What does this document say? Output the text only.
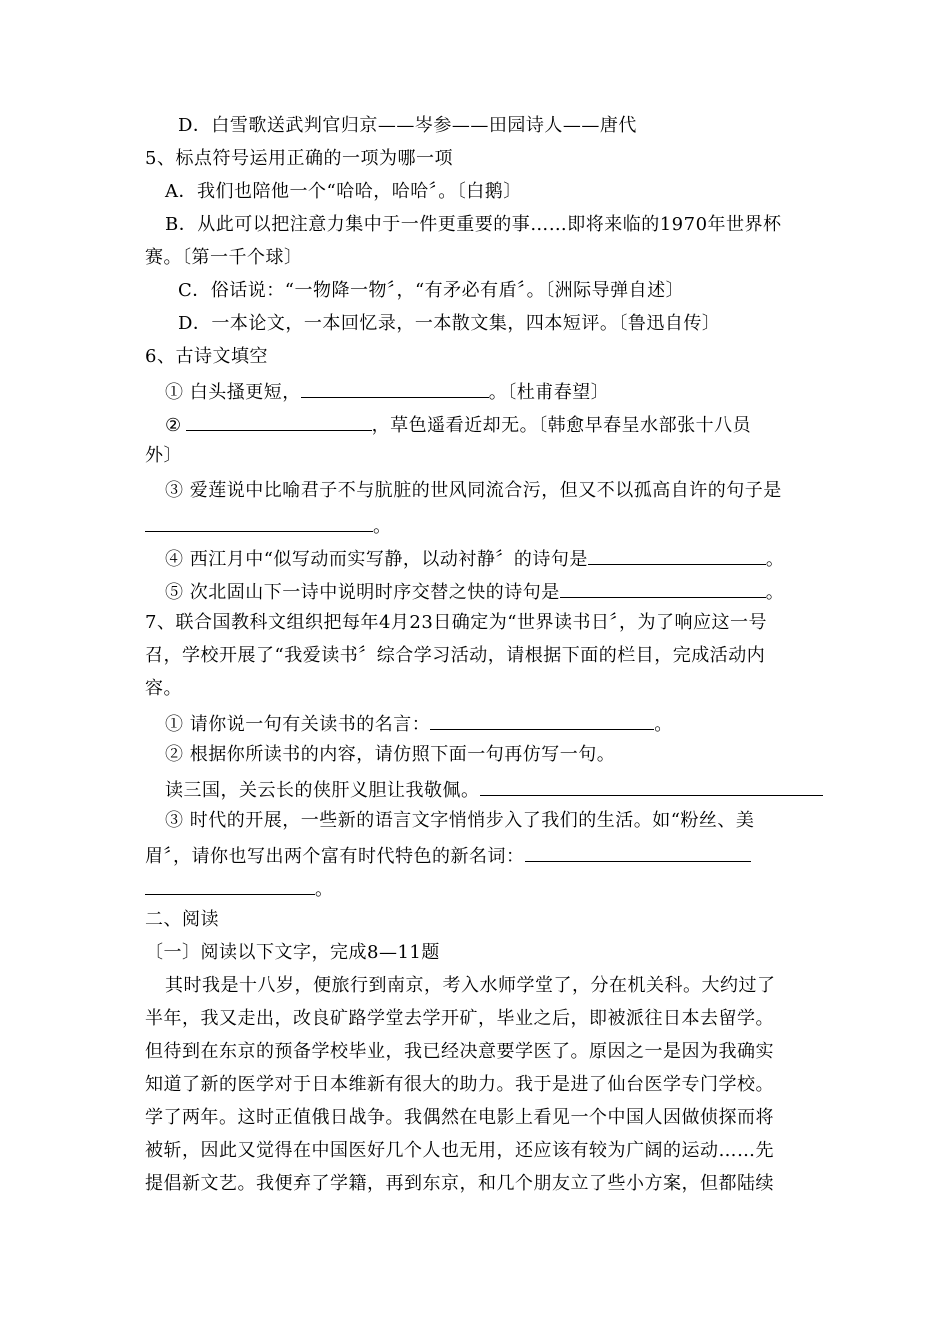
D．白雪歌送武判官归京——岑参——田园诗人——唐代
5、标点符号运用正确的一项为哪一项
A．我们也陪他一个“哈哈，哈哈〞。〔白鹅〕
B．从此可以把注意力集中于一件更重要的事……即将来临的1970年世界杯
赛。〔第一千个球〕
C．俗话说：“一物降一物〞，“有矛必有盾〞。〔洲际导弹自述〕
D．一本论文，一本回忆录，一本散文集，四本短评。〔鲁迅自传〕
6、古诗文填空
① 白头搔更短，	。〔杜甫春望〕
②	，草色遥看近却无。〔韩愈早春呈水部张十八员
外〕
③ 爱莲说中比喻君子不与肮脏的世风同流合污，但又不以孤高自许的句子是
。
④ 西江月中“似写动而实写静，以动衬静〞的诗句是	。
⑤ 次北固山下一诗中说明时序交替之快的诗句是	。
7、联合国教科文组织把每年4月23日确定为“世界读书日〞，为了响应这一号
召，学校开展了“我爱读书〞综合学习活动，请根据下面的栏目，完成活动内
容。
① 请你说一句有关读书的名言：	。
② 根据你所读书的内容，请仿照下面一句再仿写一句。
读三国，关云长的侠肝义胆让我敬佩。
③ 时代的开展，一些新的语言文字悄悄步入了我们的生活。如“粉丝、美
眉〞，请你也写出两个富有时代特色的新名词：
。
二、阅读
〔一〕阅读以下文字，完成8—11题
其时我是十八岁，便旅行到南京，考入水师学堂了，分在机关科。大约过了
半年，我又走出，改良矿路学堂去学开矿，毕业之后，即被派往日本去留学。
但待到在东京的预备学校毕业，我已经决意要学医了。原因之一是因为我确实
知道了新的医学对于日本维新有很大的助力。我于是进了仙台医学专门学校。
学了两年。这时正值俄日战争。我偶然在电影上看见一个中国人因做侦探而将
被斩，因此又觉得在中国医好几个人也无用，还应该有较为广阔的运动……先
提倡新文艺。我便弃了学籍，再到东京，和几个朋友立了些小方案，但都陆续
